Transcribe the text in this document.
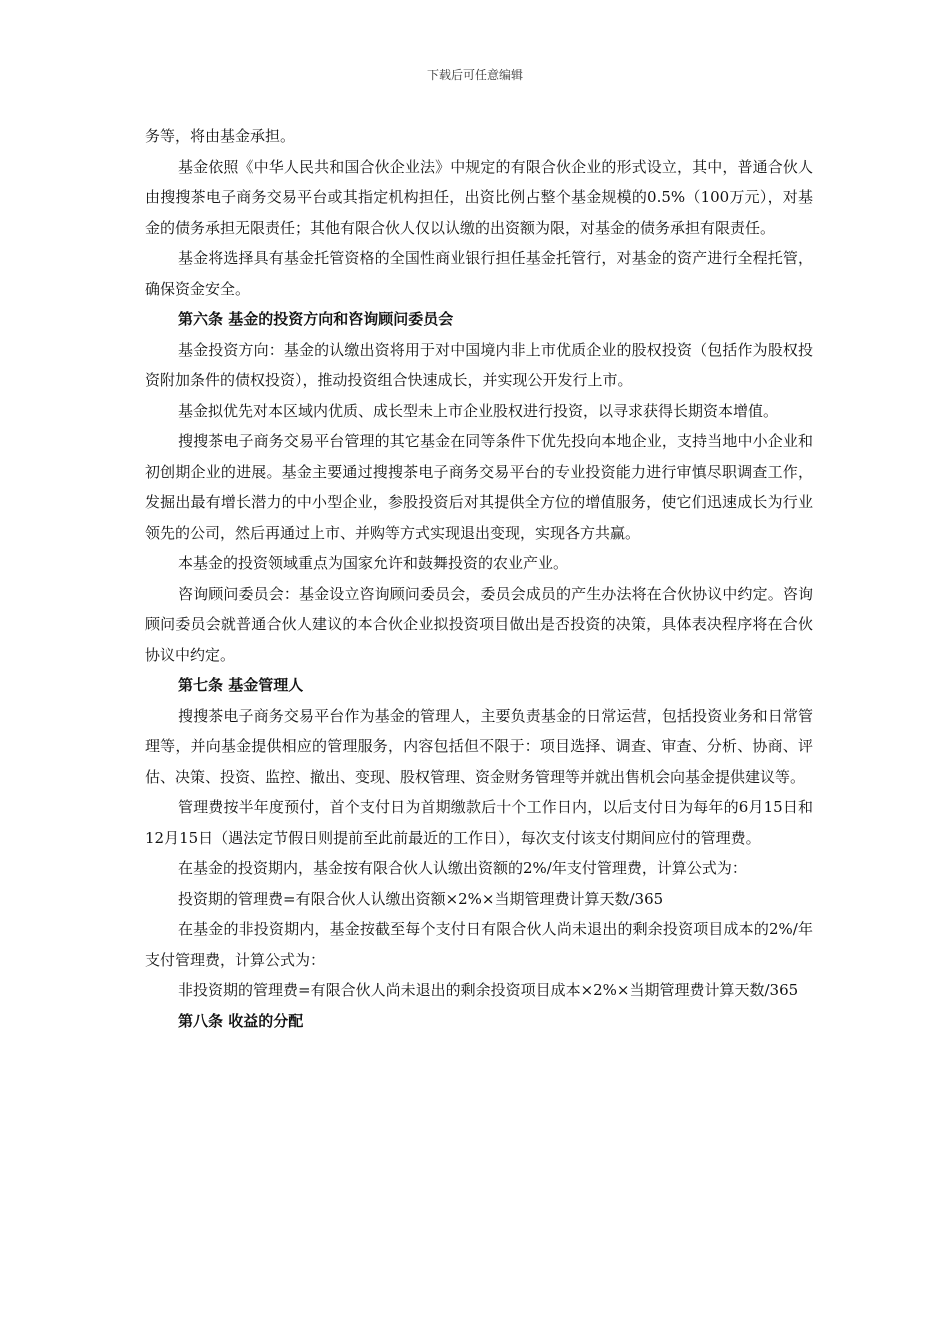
下载后可任意编辑

务等，将由基金承担。

基金依照《中华人民共和国合伙企业法》中规定的有限合伙企业的形式设立，其中，普通合伙人由搜搜茶电子商务交易平台或其指定机构担任，出资比例占整个基金规模的0.5%（100万元），对基金的债务承担无限责任；其他有限合伙人仅以认缴的出资额为限，对基金的债务承担有限责任。

基金将选择具有基金托管资格的全国性商业银行担任基金托管行，对基金的资产进行全程托管，确保资金安全。

第六条 基金的投资方向和咨询顾问委员会

基金投资方向：基金的认缴出资将用于对中国境内非上市优质企业的股权投资（包括作为股权投资附加条件的债权投资），推动投资组合快速成长，并实现公开发行上市。

基金拟优先对本区域内优质、成长型未上市企业股权进行投资，以寻求获得长期资本增值。

搜搜茶电子商务交易平台管理的其它基金在同等条件下优先投向本地企业，支持当地中小企业和初创期企业的进展。基金主要通过搜搜茶电子商务交易平台的专业投资能力进行审慎尽职调查工作，发掘出最有增长潜力的中小型企业，参股投资后对其提供全方位的增值服务，使它们迅速成长为行业领先的公司，然后再通过上市、并购等方式实现退出变现，实现各方共赢。

本基金的投资领域重点为国家允许和鼓舞投资的农业产业。

咨询顾问委员会：基金设立咨询顾问委员会，委员会成员的产生办法将在合伙协议中约定。咨询顾问委员会就普通合伙人建议的本合伙企业拟投资项目做出是否投资的决策，具体表决程序将在合伙协议中约定。

第七条 基金管理人

搜搜茶电子商务交易平台作为基金的管理人，主要负责基金的日常运营，包括投资业务和日常管理等，并向基金提供相应的管理服务，内容包括但不限于：项目选择、调查、审查、分析、协商、评估、决策、投资、监控、撤出、变现、股权管理、资金财务管理等并就出售机会向基金提供建议等。

管理费按半年度预付，首个支付日为首期缴款后十个工作日内，以后支付日为每年的6月15日和12月15日（遇法定节假日则提前至此前最近的工作日），每次支付该支付期间应付的管理费。

在基金的投资期内，基金按有限合伙人认缴出资额的2%/年支付管理费，计算公式为：

投资期的管理费=有限合伙人认缴出资额×2%×当期管理费计算天数/365

在基金的非投资期内，基金按截至每个支付日有限合伙人尚未退出的剩余投资项目成本的2%/年支付管理费，计算公式为：

非投资期的管理费=有限合伙人尚未退出的剩余投资项目成本×2%×当期管理费计算天数/365

第八条 收益的分配
